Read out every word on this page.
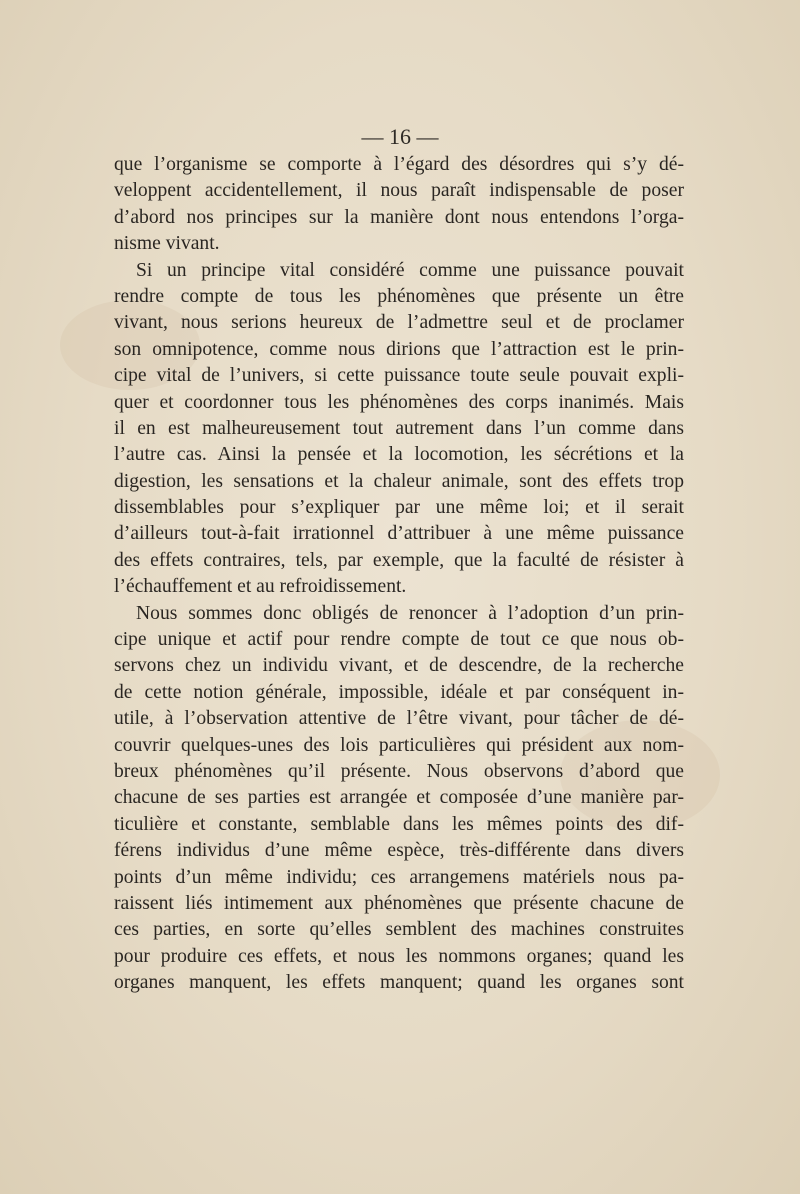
— 16 —
que l’organisme se comporte à l’égard des désordres qui s’y dé-
veloppent accidentellement, il nous paraît indispensable de poser
d’abord nos principes sur la manière dont nous entendons l’orga-
nisme vivant.
Si un principe vital considéré comme une puissance pouvait
rendre compte de tous les phénomènes que présente un être
vivant, nous serions heureux de l’admettre seul et de proclamer
son omnipotence, comme nous dirions que l’attraction est le prin-
cipe vital de l’univers, si cette puissance toute seule pouvait expli-
quer et coordonner tous les phénomènes des corps inanimés. Mais
il en est malheureusement tout autrement dans l’un comme dans
l’autre cas. Ainsi la pensée et la locomotion, les sécrétions et la
digestion, les sensations et la chaleur animale, sont des effets trop
dissemblables pour s’expliquer par une même loi; et il serait
d’ailleurs tout-à-fait irrationnel d’attribuer à une même puissance
des effets contraires, tels, par exemple, que la faculté de résister à
l’échauffement et au refroidissement.
Nous sommes donc obligés de renoncer à l’adoption d’un prin-
cipe unique et actif pour rendre compte de tout ce que nous ob-
servons chez un individu vivant, et de descendre, de la recherche
de cette notion générale, impossible, idéale et par conséquent in-
utile, à l’observation attentive de l’être vivant, pour tâcher de dé-
couvrir quelques-unes des lois particulières qui président aux nom-
breux phénomènes qu’il présente. Nous observons d’abord que
chacune de ses parties est arrangée et composée d’une manière par-
ticulière et constante, semblable dans les mêmes points des dif-
férens individus d’une même espèce, très-différente dans divers
points d’un même individu; ces arrangemens matériels nous pa-
raissent liés intimement aux phénomènes que présente chacune de
ces parties, en sorte qu’elles semblent des machines construites
pour produire ces effets, et nous les nommons organes; quand les
organes manquent, les effets manquent; quand les organes sont
